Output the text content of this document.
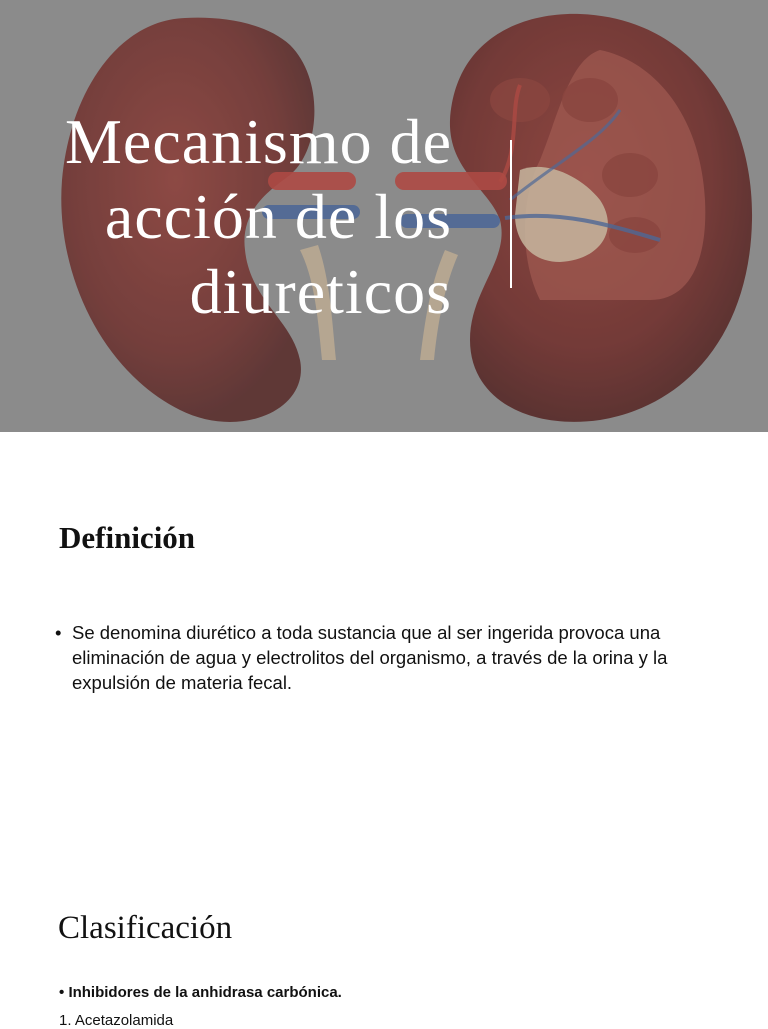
Mecanismo de
acción de los
diureticos
Definición
• Se denomina diurético a toda sustancia que al ser ingerida provoca una eliminación de agua y electrolitos del organismo, a través de la orina y la expulsión de materia fecal.
Clasificación
• Inhibidores de la anhidrasa carbónica.
1. Acetazolamida
